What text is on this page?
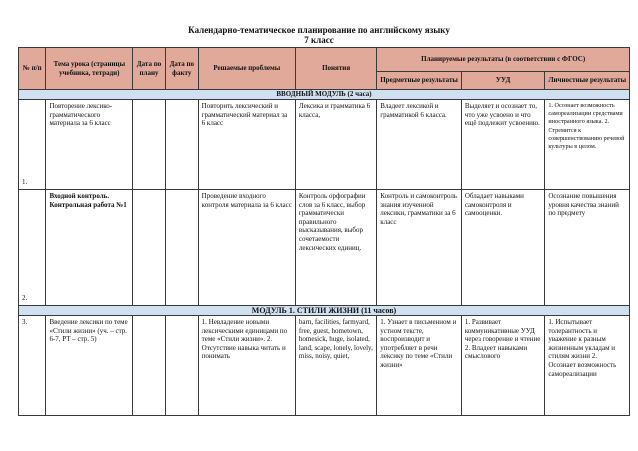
Календарно-тематическое планирование по английскому языку
7 класс
№ п/п	Тема урока (страницы учебника, тетради)	Дата по плану	Дата по факту	Решаемые проблемы	Понятия	Планируемые результаты (в соответствии с ФГОС)		
						Предметные результаты	УУД	Личностные результаты
ВВОДНЫЙ МОДУЛЬ (2 часа)								
1.	Повторение лексико-грамматического материала за 6 класс			Повторить лексический и грамматический материал за 6 класс	Лексика и грамматика 6 класса,	Владеет лексикой и грамматикой 6 класса.	Выделяет и осознает то, что уже усвоено и что ещё подлежит усвоению.	1. Осознает возможность самореализации средствами иностранного языка. 2. Стремится к совершенствованию речевой культуры в целом.
2.	Входной контроль. Контрольная работа №1			Проведение входного контроля материала за 6 класс	Контроль орфографии слов за 6 класс, выбор грамматически правильного высказывания, выбор сочетаемости лексических единиц.	Контроль и самоконтроль знания изученной лексики, грамматики за 6 класс	Обладает навыками самоконтроля и самооценки.	Осознание повышения уровня качества знаний по предмету
МОДУЛЬ 1. СТИЛИ ЖИЗНИ (11 часов)								
3.	Введение лексики по теме «Стили жизни» (уч. – стр. 6-7, РТ – стр. 5)			1. Невладение новыми лексическими единицами по теме «Стили жизни». 2. Отсутствие навыка читать и понимать	barn, facilities, farmyard, free, guest, hometown, homesick, huge, isolated, land, scape, lonely, lovely, miss, noisy, quiet,	1. Узнает в письменном и устном тексте, воспроизводит и употребляет в речи лексику по теме «Стили жизни»	1. Развивает коммуникативные УУД через говорение и чтение 2. Владеет навыками смыслового	1. Испытывает толерантность и уважение к разным жизненным укладам и стилям жизни 2. Осознает возможность самореализации
